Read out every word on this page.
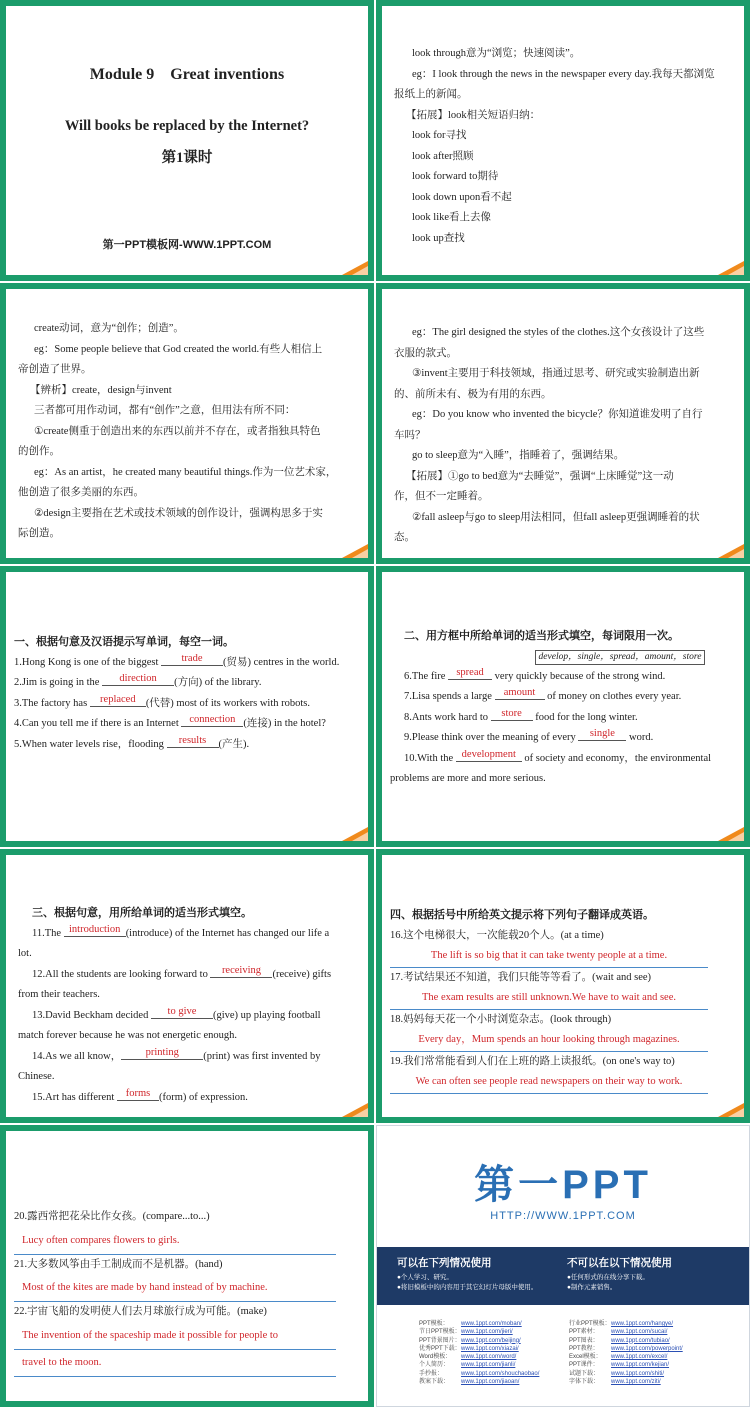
Module 9　Great inventions
Will books be replaced by the Internet?
第1课时
第一PPT模板网-WWW.1PPT.COM
look through意为“浏览；快速阅读”。
eg：I look through the news in the newspaper every day.我每天都浏览
报纸上的新闻。
【拓展】look相关短语归纳：
look for寻找
look after照顾
look forward to期待
look down upon看不起
look like看上去像
look up查找
create动词，意为“创作；创造”。
eg：Some people believe that God created the world.有些人相信上
帝创造了世界。
【辨析】create，design与invent
三者都可用作动词，都有“创作”之意，但用法有所不同：
①create侧重于创造出来的东西以前并不存在，或者指独具特色
的创作。
eg：As an artist，he created many beautiful things.作为一位艺术家，
他创造了很多美丽的东西。
②design主要指在艺术或技术领域的创作设计，强调构思多于实
际创造。
eg：The girl designed the styles of the clothes.这个女孩设计了这些
衣服的款式。
③invent主要用于科技领域，指通过思考、研究或实验制造出新
的、前所未有、极为有用的东西。
eg：Do you know who invented the bicycle？你知道谁发明了自行
车吗？
go to sleep意为“入睡”，指睡着了，强调结果。
【拓展】①go to bed意为“去睡觉”，强调“上床睡觉”这一动
作，但不一定睡着。
②fall asleep与go to sleep用法相同，但fall asleep更强调睡着的状
态。
一、根据句意及汉语提示写单词，每空一词。
1.Hong Kong is one of the biggest trade (贸易) centres in the world.
2.Jim is going in the direction (方向) of the library.
3.The factory has replaced (代替) most of its workers with robots.
4.Can you tell me if there is an Internet connection (连接) in the hotel?
5.When water levels rise，flooding results (产生).
二、用方框中所给单词的适当形式填空，每词限用一次。
develop，single，spread，amount，store
6.The fire spread very quickly because of the strong wind.
7.Lisa spends a large amount of money on clothes every year.
8.Ants work hard to store food for the long winter.
9.Please think over the meaning of every single word.
10.With the development of society and economy，the environmental
problems are more and more serious.
三、根据句意，用所给单词的适当形式填空。
11.The introduction (introduce) of the Internet has changed our life a
lot.
12.All the students are looking forward to receiving (receive) gifts
from their teachers.
13.David Beckham decided to give (give) up playing football
match forever because he was not energetic enough.
14.As we all know， printing (print) was first invented by
Chinese.
15.Art has different forms (form) of expression.
四、根据括号中所给英文提示将下列句子翻译成英语。
16.这个电梯很大，一次能载20个人。(at a time)
The lift is so big that it can take twenty people at a time.
17.考试结果还不知道，我们只能等等看了。(wait and see)
The exam results are still unknown.We have to wait and see.
18.妈妈每天花一个小时浏览杂志。(look through)
Every day，Mum spends an hour looking through magazines.
19.我们常常能看到人们在上班的路上读报纸。(on one's way to)
We can often see people read newspapers on their way to work.
20.露西常把花朵比作女孩。(compare...to...)
Lucy often compares flowers to girls.
21.大多数风筝由手工制成而不是机器。(hand)
Most of the kites are made by hand instead of by machine.
22.宇宙飞船的发明使人们去月球旅行成为可能。(make)
The invention of the spaceship made it possible for people to
travel to the moon.
第一PPT
HTTP://WWW.1PPT.COM
可以在下列情况使用
●个人学习、研究。
●将旧模板中的内容用于其它幻灯片母版中使用。
不可以在以下情况使用
●任何形式的在线分享下载。
●制作元素销售。
PPT模板： www.1ppt.com/moban/
节日PPT模板：www.1ppt.com/jieri/
PPT背景图片：www.1ppt.com/beijing/
优秀PPT下载：www.1ppt.com/xiazai/
Word模板： www.1ppt.com/word/
个人简历： www.1ppt.com/jianli/
手抄报：	www.1ppt.com/shouchaobao/
教案下载： www.1ppt.com/jiaoan/
行业PPT模板：www.1ppt.com/hangye/
PPT素材： www.1ppt.com/sucai/
PPT图表： www.1ppt.com/tubiao/
PPT教程： www.1ppt.com/powerpoint/
Excel模板： www.1ppt.com/excel/
PPT课件： www.1ppt.com/kejian/
试题下载： www.1ppt.com/shiti/
字体下载： www.1ppt.com/ziti/
